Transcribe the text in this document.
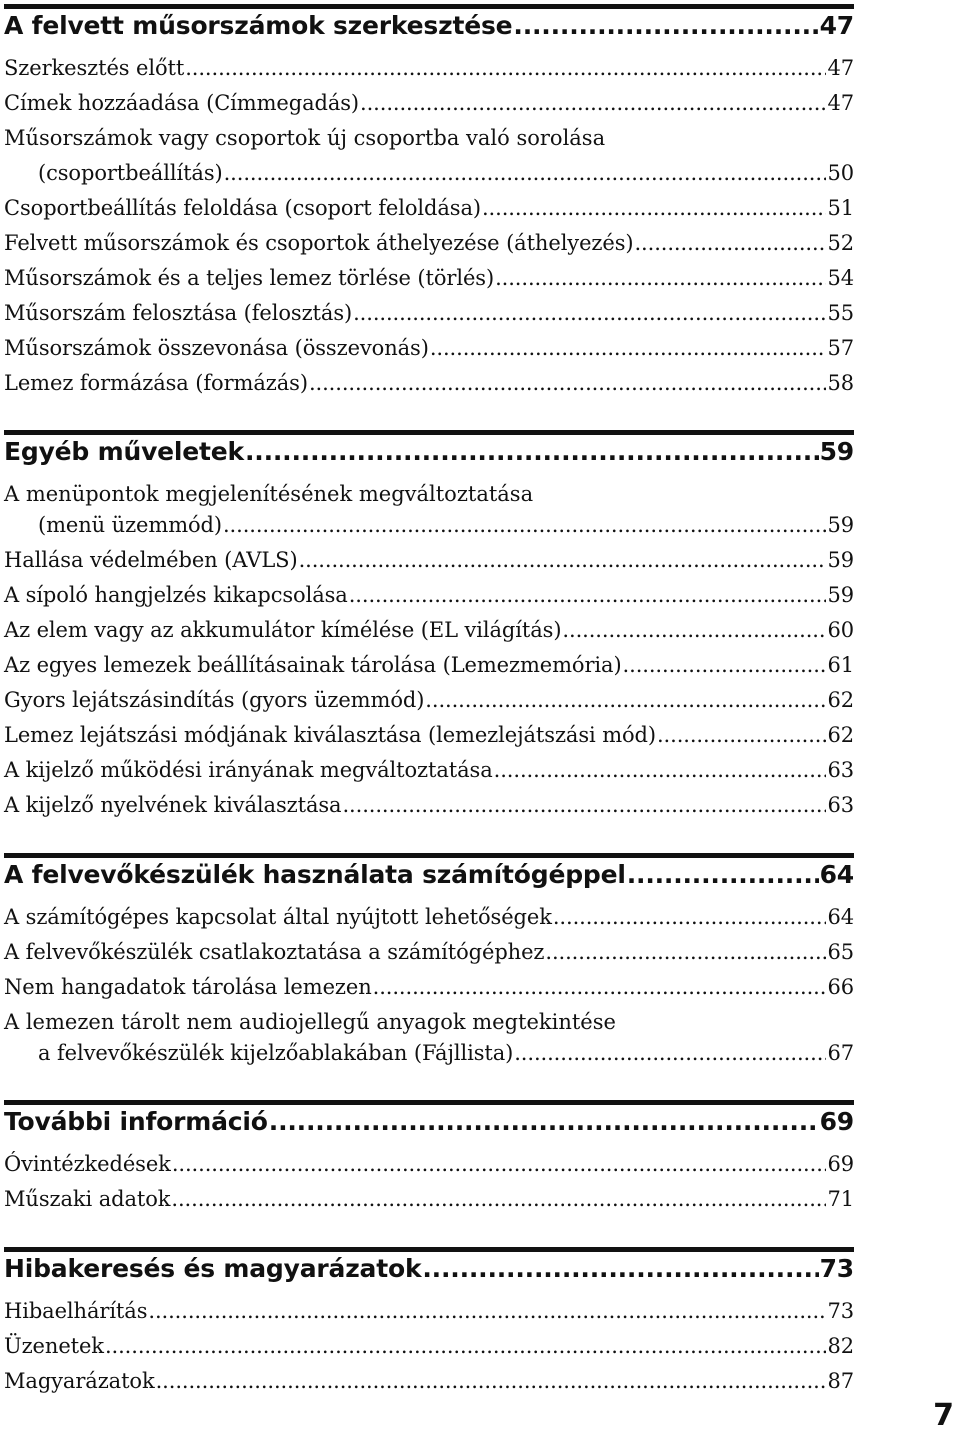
A felvett műsorszámok szerkesztése .....	47
Szerkesztés előtt .....	47
Címek hozzáadása (Címmegadás) .....	47
Műsorszámok vagy csoportok új csoportba való sorolása
(csoportbeállítás) .....	50
Csoportbeállítás feloldása (csoport feloldása) .....	51
Felvett műsorszámok és csoportok áthelyezése (áthelyezés) .....	52
Műsorszámok és a teljes lemez törlése (törlés) .....	54
Műsorszám felosztása (felosztás) .....	55
Műsorszámok összevonása (összevonás) .....	57
Lemez formázása (formázás) .....	58
Egyéb műveletek .....	59
A menüpontok megjelenítésének megváltoztatása
(menü üzemmód) .....	59
Hallása védelmében (AVLS) .....	59
A sípoló hangjelzés kikapcsolása .....	59
Az elem vagy az akkumulátor kímélése (EL világítás) .....	60
Az egyes lemezek beállításainak tárolása (Lemezmemória) .....	61
Gyors lejátszásindítás (gyors üzemmód) .....	62
Lemez lejátszási módjának kiválasztása (lemezlejátszási mód) .....	62
A kijelző működési irányának megváltoztatása .....	63
A kijelző nyelvének kiválasztása .....	63
A felvevőkészülék használata számítógéppel .....	64
A számítógépes kapcsolat által nyújtott lehetőségek .....	64
A felvevőkészülék csatlakoztatása a számítógéphez .....	65
Nem hangadatok tárolása lemezen .....	66
A lemezen tárolt nem audiojellegű anyagok megtekintése
a felvevőkészülék kijelzőablakában (Fájllista) .....	67
További információ .....	69
Óvintézkedések .....	69
Műszaki adatok .....	71
Hibakeresés és magyarázatok .....	73
Hibaelhárítás .....	73
Üzenetek .....	82
Magyarázatok .....	87
7
